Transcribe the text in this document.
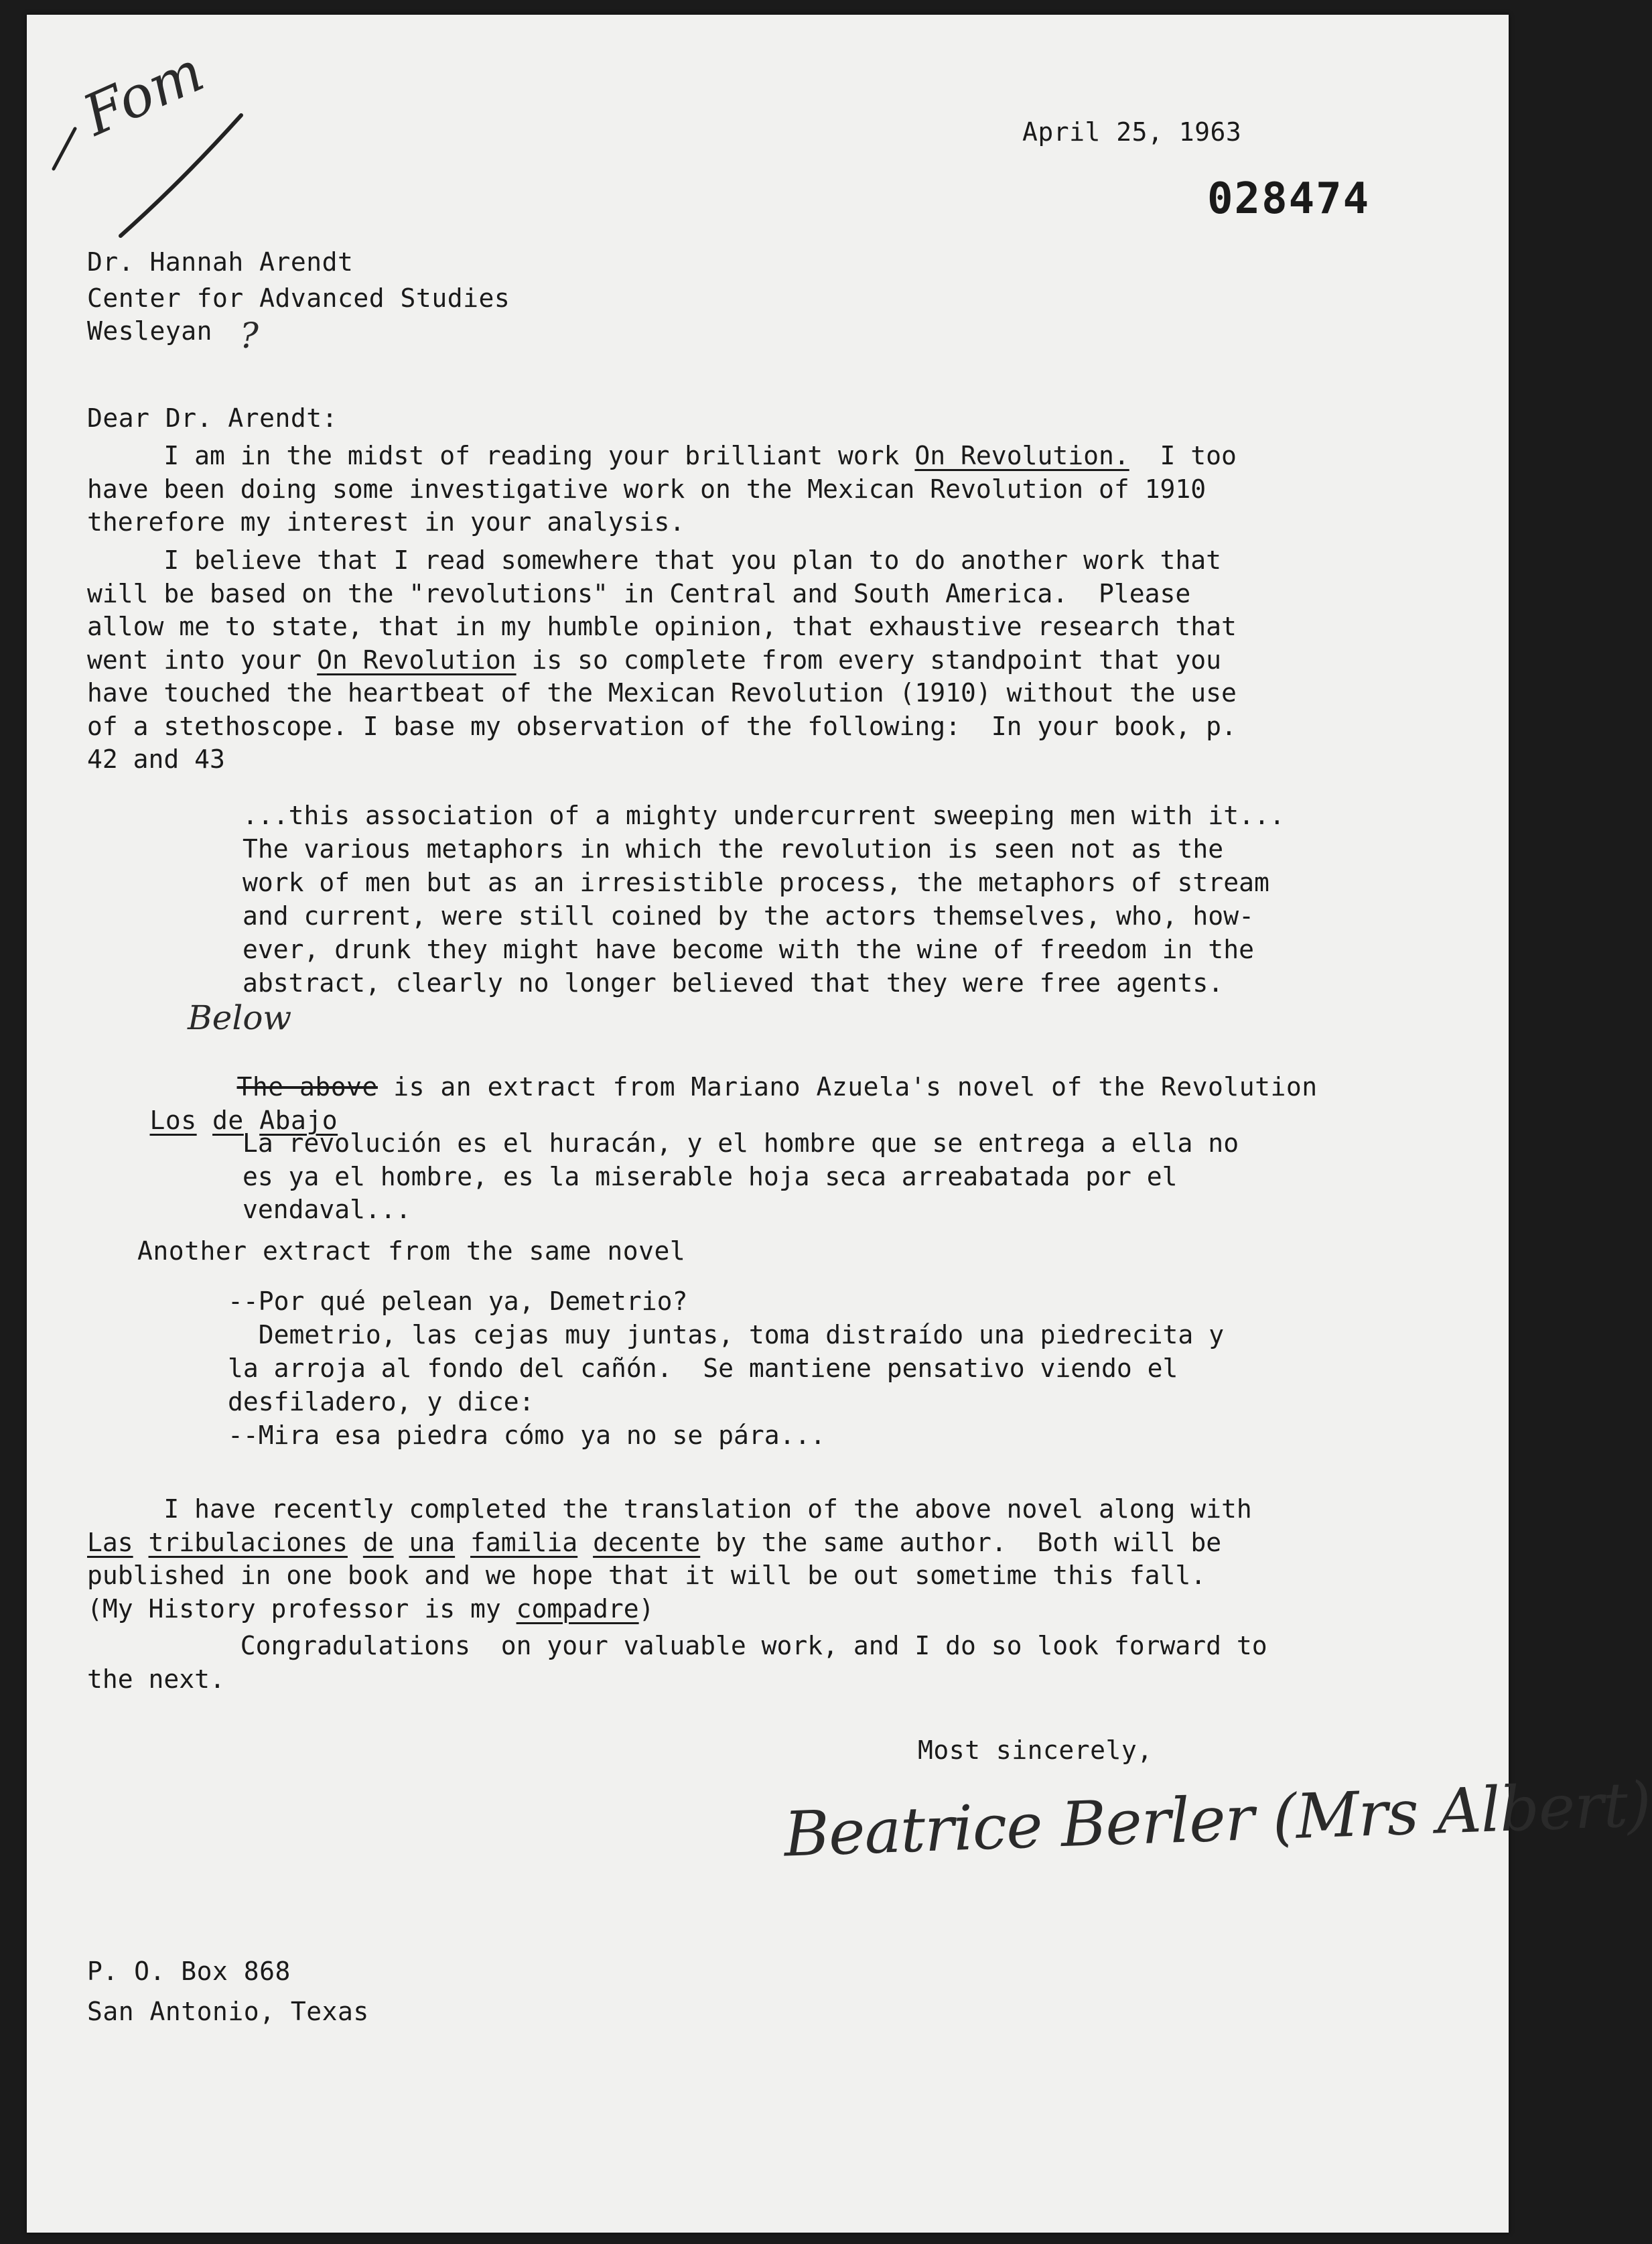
Fom	April 25, 1963
028474
Dr. Hannah Arendt
Center for Advanced Studies
Wesleyan ?
Dear Dr. Arendt:
I am in the midst of reading your brilliant work On Revolution.  I too
have been doing some investigative work on the Mexican Revolution of 1910
therefore my interest in your analysis.
I believe that I read somewhere that you plan to do another work that
will be based on the "revolutions" in Central and South America.  Please
allow me to state, that in my humble opinion, that exhaustive research that
went into your On Revolution is so complete from every standpoint that you
have touched the heartbeat of the Mexican Revolution (1910) without the use
of a stethoscope. I base my observation of the following:  In your book, p.
42 and 43
...this association of a mighty undercurrent sweeping men with it...
The various metaphors in which the revolution is seen not as the
work of men but as an irresistible process, the metaphors of stream
and current, were still coined by the actors themselves, who, how-
ever, drunk they might have become with the wine of freedom in the
abstract, clearly no longer believed that they were free agents.
Below

The above is an extract from Mariano Azuela's novel of the Revolution

Los de Abajo

La revolución es el huracán, y el hombre que se entrega a ella no
es ya el hombre, es la miserable hoja seca arreabatada por el
vendaval...
Another extract from the same novel
--Por qué pelean ya, Demetrio?
Demetrio, las cejas muy juntas, toma distraído una piedrecita y
la arroja al fondo del cañón.  Se mantiene pensativo viendo el
desfiladero, y dice:
--Mira esa piedra cómo ya no se pára...
I have recently completed the translation of the above novel along with
Las tribulaciones de una familia decente by the same author.  Both will be
published in one book and we hope that it will be out sometime this fall.
(My History professor is my compadre)
Congradulations  on your valuable work, and I do so look forward to
the next.
Most sincerely,
Beatrice Berler (Mrs Albert)
P. O. Box 868
San Antonio, Texas
